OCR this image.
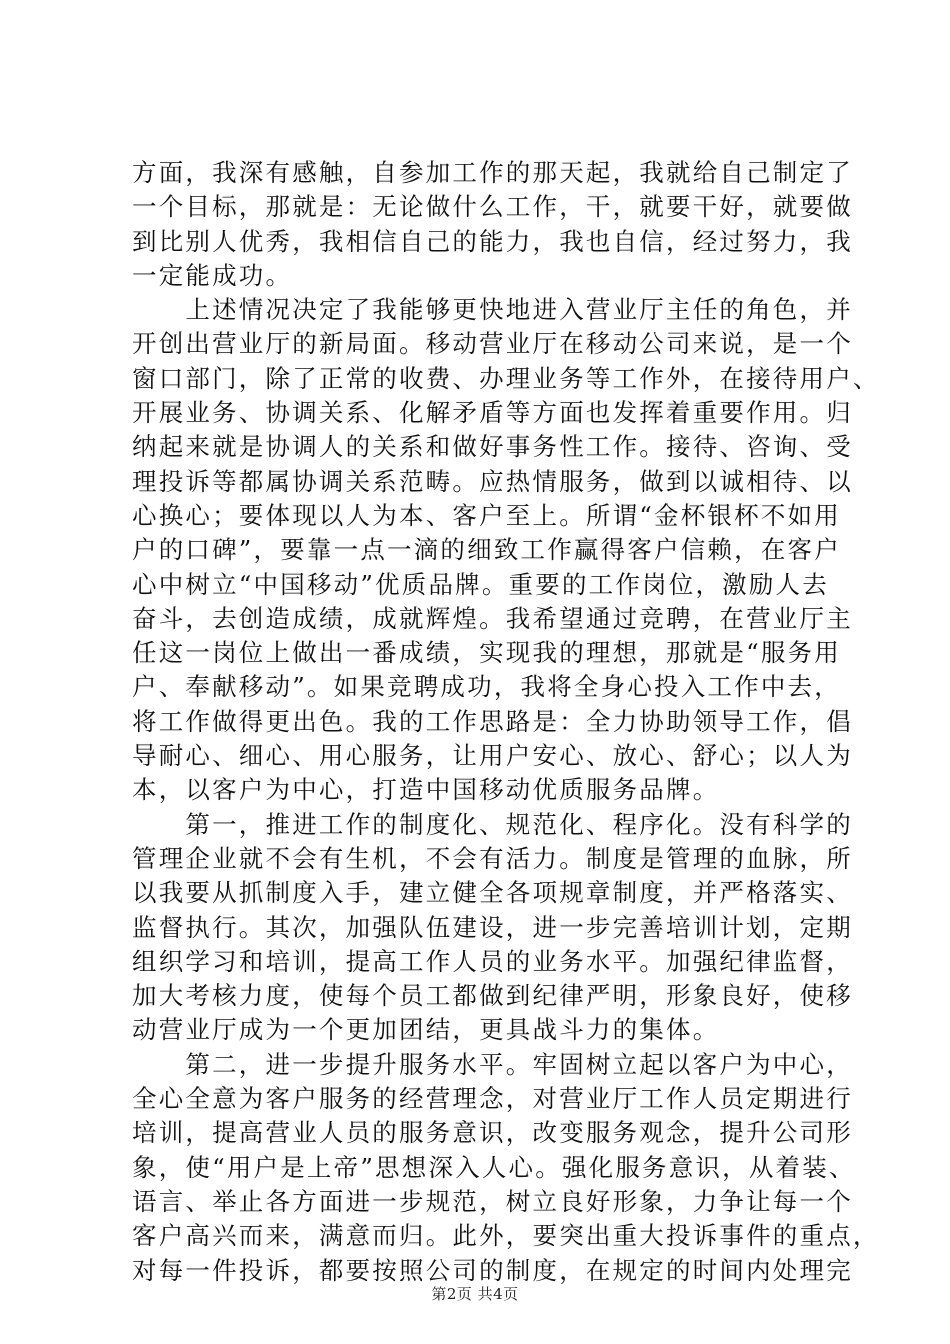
方面，我深有感触，自参加工作的那天起，我就给自己制定了
一个目标，那就是：无论做什么工作，干，就要干好，就要做
到比别人优秀，我相信自己的能力，我也自信，经过努力，我
一定能成功。
　　上述情况决定了我能够更快地进入营业厅主任的角色，并
开创出营业厅的新局面。移动营业厅在移动公司来说，是一个
窗口部门，除了正常的收费、办理业务等工作外，在接待用户、
开展业务、协调关系、化解矛盾等方面也发挥着重要作用。归
纳起来就是协调人的关系和做好事务性工作。接待、咨询、受
理投诉等都属协调关系范畴。应热情服务，做到以诚相待、以
心换心；要体现以人为本、客户至上。所谓“金杯银杯不如用
户的口碑”，要靠一点一滴的细致工作赢得客户信赖，在客户
心中树立“中国移动”优质品牌。重要的工作岗位，激励人去
奋斗，去创造成绩，成就辉煌。我希望通过竞聘，在营业厅主
任这一岗位上做出一番成绩，实现我的理想，那就是“服务用
户、奉献移动”。如果竞聘成功，我将全身心投入工作中去，
将工作做得更出色。我的工作思路是：全力协助领导工作，倡
导耐心、细心、用心服务，让用户安心、放心、舒心；以人为
本，以客户为中心，打造中国移动优质服务品牌。
　　第一，推进工作的制度化、规范化、程序化。没有科学的
管理企业就不会有生机，不会有活力。制度是管理的血脉，所
以我要从抓制度入手，建立健全各项规章制度，并严格落实、
监督执行。其次，加强队伍建设，进一步完善培训计划，定期
组织学习和培训，提高工作人员的业务水平。加强纪律监督，
加大考核力度，使每个员工都做到纪律严明，形象良好，使移
动营业厅成为一个更加团结，更具战斗力的集体。
　　第二，进一步提升服务水平。牢固树立起以客户为中心，
全心全意为客户服务的经营理念，对营业厅工作人员定期进行
培训，提高营业人员的服务意识，改变服务观念，提升公司形
象，使“用户是上帝”思想深入人心。强化服务意识，从着装、
语言、举止各方面进一步规范，树立良好形象，力争让每一个
客户高兴而来，满意而归。此外，要突出重大投诉事件的重点，
对每一件投诉，都要按照公司的制度，在规定的时间内处理完
第2页 共4页
